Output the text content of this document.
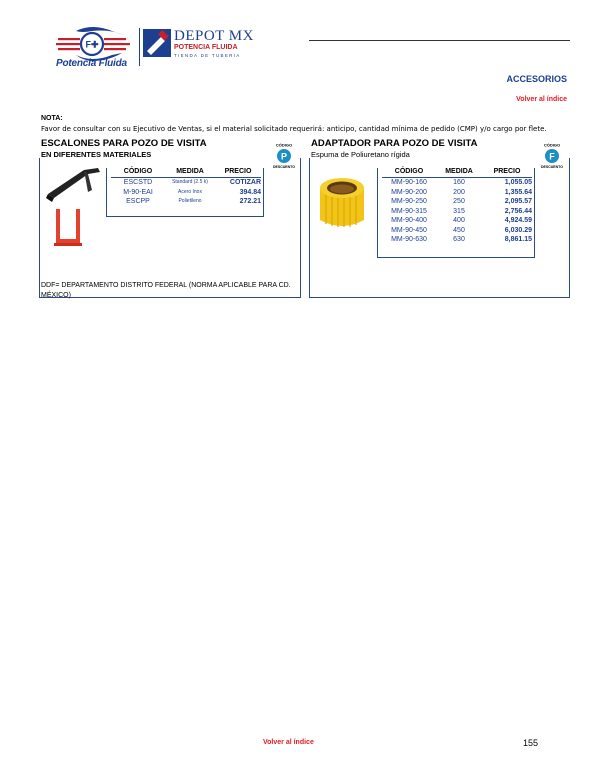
F✚
Potencia Fluida
DEPOT MX
POTENCIA FLUIDA
TIENDA DE TUBERIA
ACCESORIOS
Volver al índice
NOTA:
Favor de consultar con su Ejecutivo de Ventas, si el material solicitado requerirá: anticipo, cantidad mínima de pedido (CMP) y/o cargo por flete.
ESCALONES PARA POZO DE VISITA
EN DIFERENTES MATERIALES	P
CÓDIGO
DESCUENTO
CÓDIGO	MEDIDA	PRECIO
ESCSTD	Standard (2.5 k)	COTIZAR
M-90-EAI	Acero Inox	394.84
ESCPP	Polietileno	272.21
DDF= DEPARTAMENTO DISTRITO FEDERAL (NORMA APLICABLE PARA CD. MÉXICO)
ADAPTADOR PARA POZO DE VISITA
Espuma de Poliuretano rígida	F
CÓDIGO
DESCUENTO
CÓDIGO	MEDIDA	PRECIO
MM-90-160	160	1,055.05
MM-90-200	200	1,355.64
MM-90-250	250	2,095.57
MM-90-315	315	2,756.44
MM-90-400	400	4,924.59
MM-90-450	450	6,030.29
MM-90-630	630	8,861.15
Volver al índice	155
